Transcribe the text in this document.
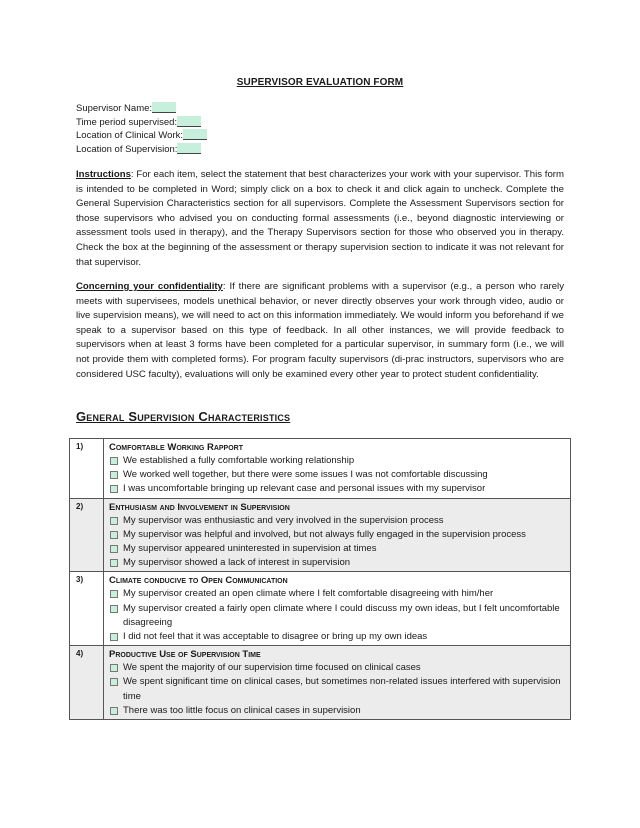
SUPERVISOR EVALUATION FORM
Supervisor Name:
Time period supervised:
Location of Clinical Work:
Location of Supervision:
Instructions: For each item, select the statement that best characterizes your work with your supervisor. This form is intended to be completed in Word; simply click on a box to check it and click again to uncheck. Complete the General Supervision Characteristics section for all supervisors. Complete the Assessment Supervisors section for those supervisors who advised you on conducting formal assessments (i.e., beyond diagnostic interviewing or assessment tools used in therapy), and the Therapy Supervisors section for those who observed you in therapy. Check the box at the beginning of the assessment or therapy supervision section to indicate it was not relevant for that supervisor.
Concerning your confidentiality: If there are significant problems with a supervisor (e.g., a person who rarely meets with supervisees, models unethical behavior, or never directly observes your work through video, audio or live supervision means), we will need to act on this information immediately. We would inform you beforehand if we speak to a supervisor based on this type of feedback. In all other instances, we will provide feedback to supervisors when at least 3 forms have been completed for a particular supervisor, in summary form (i.e., we will not provide them with completed forms). For program faculty supervisors (di-prac instructors, supervisors who are considered USC faculty), evaluations will only be examined every other year to protect student confidentiality.
General Supervision Characteristics
1)	Comfortable Working Rapport
We established a fully comfortable working relationship
We worked well together, but there were some issues I was not comfortable discussing
I was uncomfortable bringing up relevant case and personal issues with my supervisor

2)	Enthusiasm and Involvement in Supervision
My supervisor was enthusiastic and very involved in the supervision process
My supervisor was helpful and involved, but not always fully engaged in the supervision process
My supervisor appeared uninterested in supervision at times
My supervisor showed a lack of interest in supervision

3)	Climate conducive to Open Communication
My supervisor created an open climate where I felt comfortable disagreeing with him/her
My supervisor created a fairly open climate where I could discuss my own ideas, but I felt uncomfortable disagreeing
I did not feel that it was acceptable to disagree or bring up my own ideas

4)	Productive Use of Supervision Time
We spent the majority of our supervision time focused on clinical cases
We spent significant time on clinical cases, but sometimes non-related issues interfered with supervision time
There was too little focus on clinical cases in supervision
